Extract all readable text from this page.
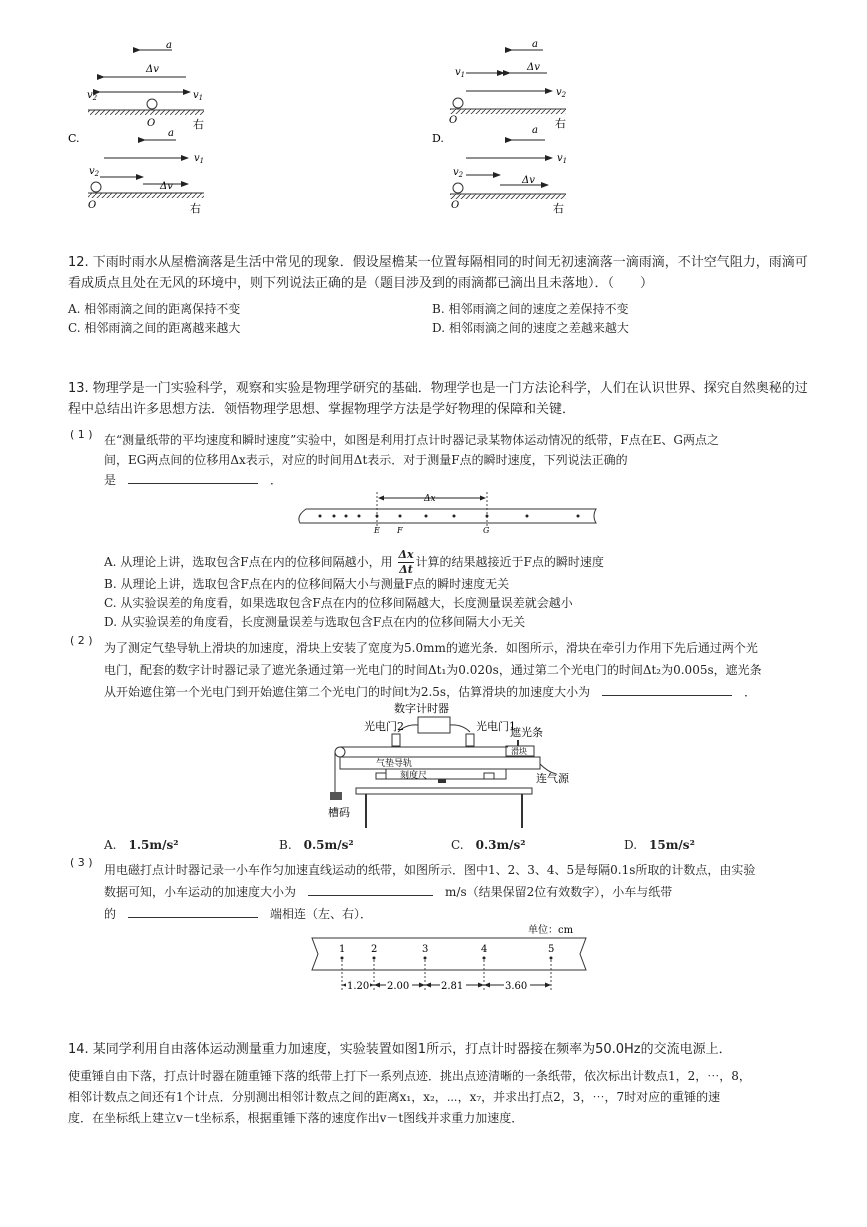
a
Δv
$v_2$	$v_1$
O	右
a
Δv
$v_1$
$v_2$
O	右
C.	a
$v_1$
$v_2$
Δv
O	右
D.
a
$v_1$
$v_2$	Δv
O	右
12. 下雨时雨水从屋檐滴落是生活中常见的现象．假设屋檐某一位置每隔相同的时间无初速滴落一滴雨滴，不计空气阻力，雨滴可
看成质点且处在无风的环境中，则下列说法正确的是（题目涉及到的雨滴都已滴出且未落地）．（　　）
A. 相邻雨滴之间的距离保持不变	B. 相邻雨滴之间的速度之差保持不变
C. 相邻雨滴之间的距离越来越大	D. 相邻雨滴之间的速度之差越来越大
13. 物理学是一门实验科学，观察和实验是物理学研究的基础．物理学也是一门方法论科学，人们在认识世界、探究自然奥秘的过
程中总结出许多思想方法．领悟物理学思想、掌握物理学方法是学好物理的保障和关键．
( 1 ) 在“测量纸带的平均速度和瞬时速度”实验中，如图是利用打点计时器记录某物体运动情况的纸带，F点在E、G两点之
间，EG两点间的位移用Δx表示，对应的时间用Δt表示．对于测量F点的瞬时速度，下列说法正确的
是　　	．
Δx
E F	G
A. 从理论上讲，选取包含F点在内的位移间隔越小，用 $\frac{\Delta x}{\Delta t}$ 计算的结果越接近于F点的瞬时速度
B. 从理论上讲，选取包含F点在内的位移间隔大小与测量F点的瞬时速度无关
C. 从实验误差的角度看，如果选取包含F点在内的位移间隔越大，长度测量误差就会越小
D. 从实验误差的角度看，长度测量误差与选取包含F点在内的位移间隔大小无关
( 2 )
为了测定气垫导轨上滑块的加速度，滑块上安装了宽度为5.0mm的遮光条．如图所示，滑块在牵引力作用下先后通过两个光
电门，配套的数字计时器记录了遮光条通过第一光电门的时间Δt₁为0.020s，通过第二个光电门的时间Δt₂为0.005s，遮光条
从开始遮住第一个光电门到开始遮住第二个光电门的时间t为2.5s，估算滑块的加速度大小为　　	．
数字计时器
光电门2	光电门1
遮光条
滑块
气垫导轨
刻度尺
槽码
连气源
A.　 1.5m/s²	B.　 0.5m/s²	C.　 0.3m/s²	D.　 15m/s²
( 3 )
用电磁打点计时器记录一小车作匀加速直线运动的纸带，如图所示．图中1、2、3、4、5是每隔0.1s所取的计数点，由实验
数据可知，小车运动的加速度大小为　　	m/s（结果保留2位有效数字），小车与纸带
的　　	端相连（左、右）．
单位：cm
1	2	3	4	5
1.20 2.00	2.81	3.60
14. 某同学利用自由落体运动测量重力加速度，实验装置如图1所示，打点计时器接在频率为50.0Hz的交流电源上．
使重锤自由下落，打点计时器在随重锤下落的纸带上打下一系列点迹．挑出点迹清晰的一条纸带，依次标出计数点1，2，⋯，8，
相邻计数点之间还有1个计点．分别测出相邻计数点之间的距离x₁，x₂，⋯，x₇，并求出打点2，3，⋯，7时对应的重锤的速
度．在坐标纸上建立v－t坐标系，根据重锤下落的速度作出v－t图线并求重力加速度．
